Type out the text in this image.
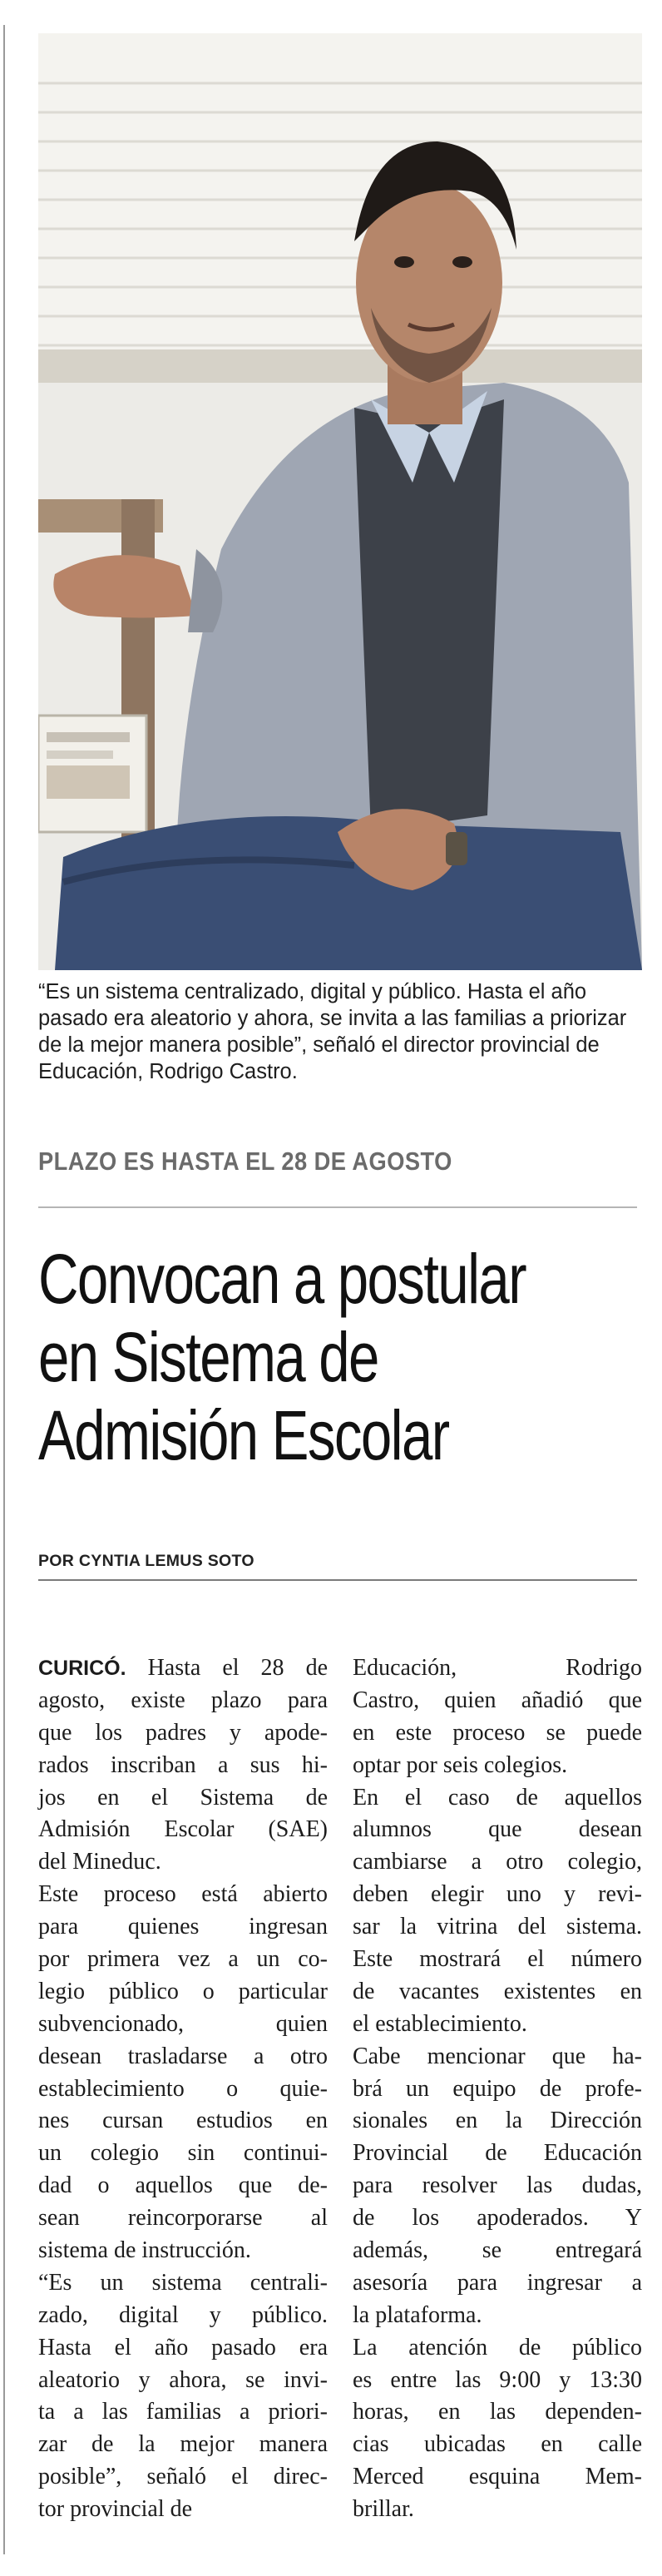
“Es un sistema centralizado, digital y público. Hasta el año pasado era aleatorio y ahora, se invita a las familias a priorizar de la mejor manera posible”, señaló el director provincial de Educación, Rodrigo Castro.
PLAZO ES HASTA EL 28 DE AGOSTO
Convocan a postular
en Sistema de
Admisión Escolar
POR CYNTIA LEMUS SOTO
CURICÓ. Hasta el 28 de
agosto, existe plazo para
que los padres y apode-
rados inscriban a sus hi-
jos en el Sistema de
Admisión Escolar (SAE)
del Mineduc.
Este proceso está abierto
para quienes ingresan
por primera vez a un co-
legio público o particular
subvencionado, quien
desean trasladarse a otro
establecimiento o quie-
nes cursan estudios en
un colegio sin continui-
dad o aquellos que de-
sean reincorporarse al
sistema de instrucción.
“Es un sistema centrali-
zado, digital y público.
Hasta el año pasado era
aleatorio y ahora, se invi-
ta a las familias a priori-
zar de la mejor manera
posible”, señaló el direc-
tor provincial de
Educación, Rodrigo
Castro, quien añadió que
en este proceso se puede
optar por seis colegios.
En el caso de aquellos
alumnos que desean
cambiarse a otro colegio,
deben elegir uno y revi-
sar la vitrina del sistema.
Este mostrará el número
de vacantes existentes en
el establecimiento.
Cabe mencionar que ha-
brá un equipo de profe-
sionales en la Dirección
Provincial de Educación
para resolver las dudas,
de los apoderados. Y
además, se entregará
asesoría para ingresar a
la plataforma.
La atención de público
es entre las 9:00 y 13:30
horas, en las dependen-
cias ubicadas en calle
Merced esquina Mem-
brillar.
